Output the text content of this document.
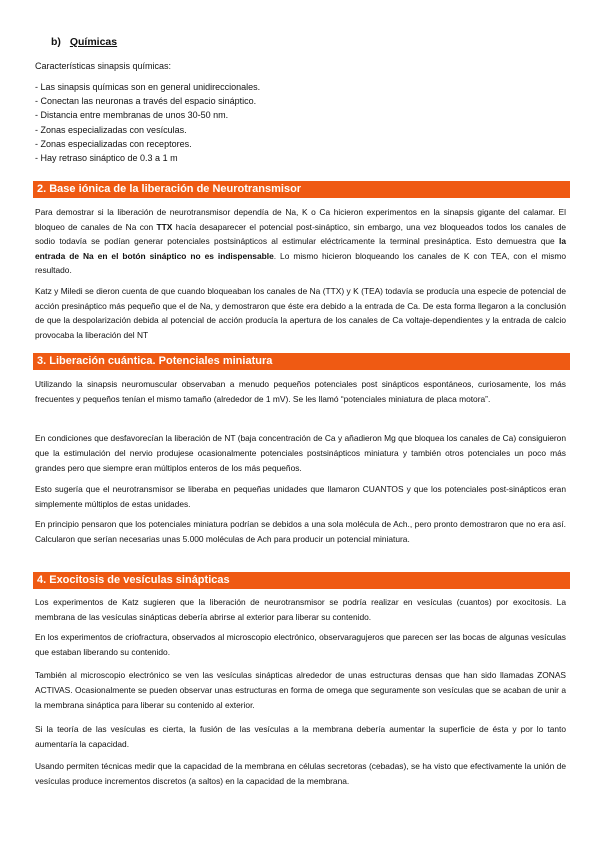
b) Químicas
Características sinapsis químicas:
- Las sinapsis químicas son en general unidireccionales.
- Conectan las neuronas a través del espacio sináptico.
- Distancia entre membranas de unos 30-50 nm.
- Zonas especializadas con vesículas.
- Zonas especializadas con receptores.
- Hay retraso sináptico de 0.3 a 1 m
2. Base iónica de la liberación de Neurotransmisor

Para demostrar si la liberación de neurotransmisor dependía de Na, K o Ca hicieron experimentos en la sinapsis gigante del calamar. El bloqueo de canales de Na con TTX hacía desaparecer el potencial post-sináptico, sin embargo, una vez bloqueados todos los canales de sodio todavía se podían generar potenciales postsinápticos al estimular eléctricamente la terminal presináptica. Esto demuestra que la entrada de Na en el botón sináptico no es indispensable. Lo mismo hicieron bloqueando los canales de K con TEA, con el mismo resultado.

Katz y Miledi se dieron cuenta de que cuando bloqueaban los canales de Na (TTX) y K (TEA) todavía se producía una especie de potencial de acción presináptico más pequeño que el de Na, y demostraron que éste era debido a la entrada de Ca. De esta forma llegaron a la conclusión de que la despolarización debida al potencial de acción producía la apertura de los canales de Ca voltaje-dependientes y la entrada de calcio provocaba la liberación del NT

3. Liberación cuántica. Potenciales miniatura

Utilizando la sinapsis neuromuscular observaban a menudo pequeños potenciales post sinápticos espontáneos, curiosamente, los más frecuentes y pequeños tenían el mismo tamaño (alrededor de 1 mV). Se les llamó “potenciales miniatura de placa motora”.

En condiciones que desfavorecían la liberación de NT (baja concentración de Ca y añadieron Mg que bloquea los canales de Ca) consiguieron que la estimulación del nervio produjese ocasionalmente potenciales postsinápticos miniatura y también otros potenciales un poco más grandes pero que siempre eran múltiplos enteros de los más pequeños.

Esto sugería que el neurotransmisor se liberaba en pequeñas unidades que llamaron CUANTOS y que los potenciales post-sinápticos eran simplemente múltiplos de estas unidades.

En principio pensaron que los potenciales miniatura podrían se debidos a una sola molécula de Ach., pero pronto demostraron que no era así. Calcularon que serían necesarias unas 5.000 moléculas de Ach para producir un potencial miniatura.

4. Exocitosis de vesículas sinápticas

Los experimentos de Katz sugieren que la liberación de neurotransmisor se podría realizar en vesículas (cuantos) por exocitosis. La membrana de las vesículas sinápticas debería abrirse al exterior para liberar su contenido.

En los experimentos de criofractura, observados al microscopio electrónico, observaragujeros que parecen ser las bocas de algunas vesículas que estaban liberando su contenido.

También al microscopio electrónico se ven las vesículas sinápticas alrededor de unas estructuras densas que han sido llamadas ZONAS ACTIVAS. Ocasionalmente se pueden observar unas estructuras en forma de omega que seguramente son vesículas que se acaban de unir a la membrana sináptica para liberar su contenido al exterior.

Si la teoría de las vesículas es cierta, la fusión de las vesículas a la membrana debería aumentar la superficie de ésta y por lo tanto aumentaría la capacidad.

Usando permiten técnicas medir que la capacidad de la membrana en células secretoras (cebadas), se ha visto que efectivamente la unión de vesículas produce incrementos discretos (a saltos) en la capacidad de la membrana.
